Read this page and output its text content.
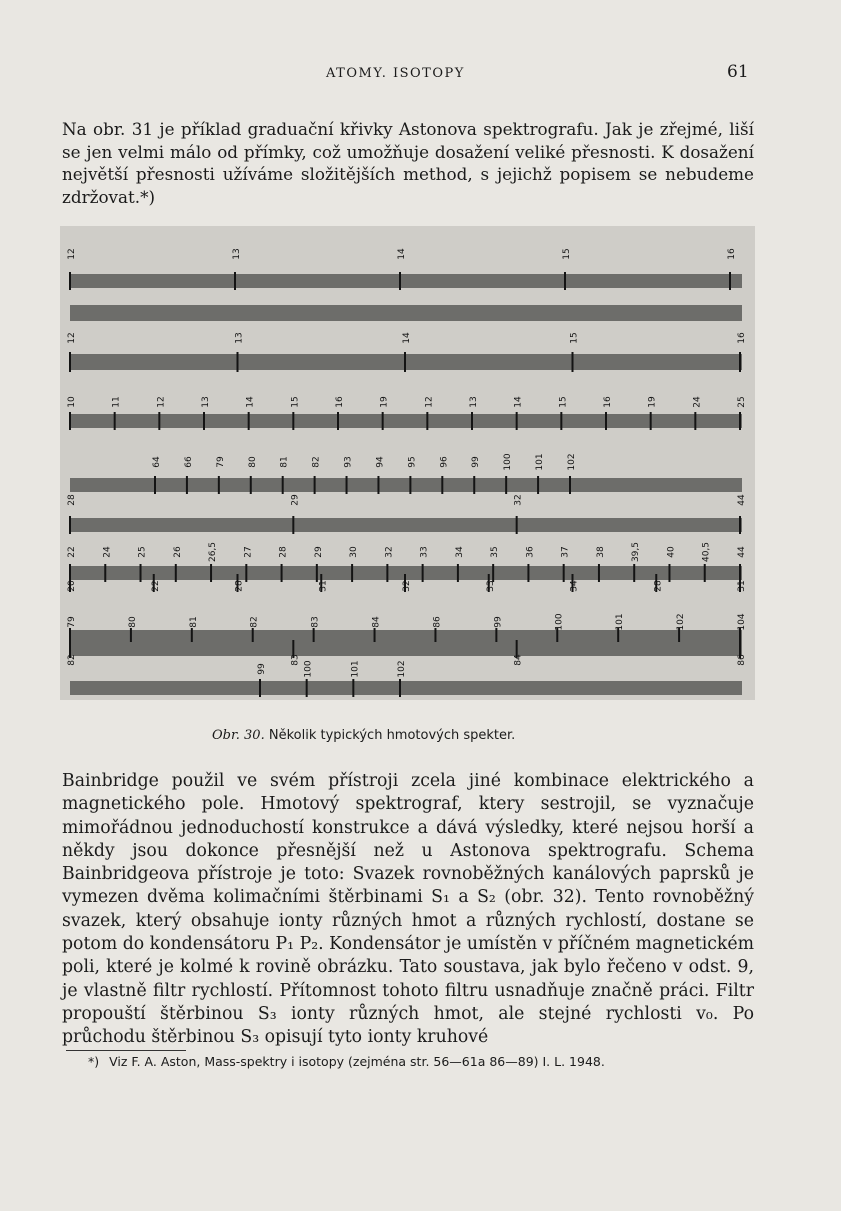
ATOMY. ISOTOPY	61

Na obr. 31 je příklad graduační křivky Astonova spektrografu. Jak je zřejmé, liší se jen velmi málo od přímky, což umožňuje dosažení veliké přesnosti. K dosažení největší přesnosti užíváme složitějších method, s jejichž popisem se nebudeme zdržovat.*)

12	13	14	15	16
12	13	14	15	16
10	11	12	13	14	15	16	19	12	13	14	15	16	19	24	25
64 66 79 80 81 82 93 94 95 96 99 100 101 102
28	29	32	44
22	24	25	26	26,5	27	28	29	30	32	33	34	35	36	37	38	39,5	40	40,5	44
20	22	28	31	32	33	34	28	31
79	80	81	82	83	84	86	99	100	101	102	104
82	83	84	86
99	100	101	102
Obr. 30. Několik typických hmotových spekter.

Bainbridge použil ve svém přístroji zcela jiné kombinace elektrického a magnetického pole. Hmotový spektrograf, ktery sestrojil, se vyznačuje mimořádnou jednoduchostí konstrukce a dává výsledky, které nejsou horší a někdy jsou dokonce přesnější než u Astonova spektrografu. Schema Bainbridgeova přístroje je toto: Svazek rovnoběžných kanálových paprsků je vymezen dvěma kolimačními štěrbinami S₁ a S₂ (obr. 32). Tento rovnoběžný svazek, který obsahuje ionty různých hmot a různých rychlostí, dostane se potom do kondensátoru P₁ P₂. Kondensátor je umístěn v příčném magnetickém poli, které je kolmé k rovině obrázku. Tato soustava, jak bylo řečeno v odst. 9, je vlastně filtr rychlostí. Přítomnost tohoto filtru usnadňuje značně práci. Filtr propouští štěrbinou S₃ ionty různých hmot, ale stejné rychlosti v₀. Po průchodu štěrbinou S₃ opisují tyto ionty kruhové

*) Viz F. A. Aston, Mass-spektry i isotopy (zejména str. 56—61a 86—89) I. L. 1948.
